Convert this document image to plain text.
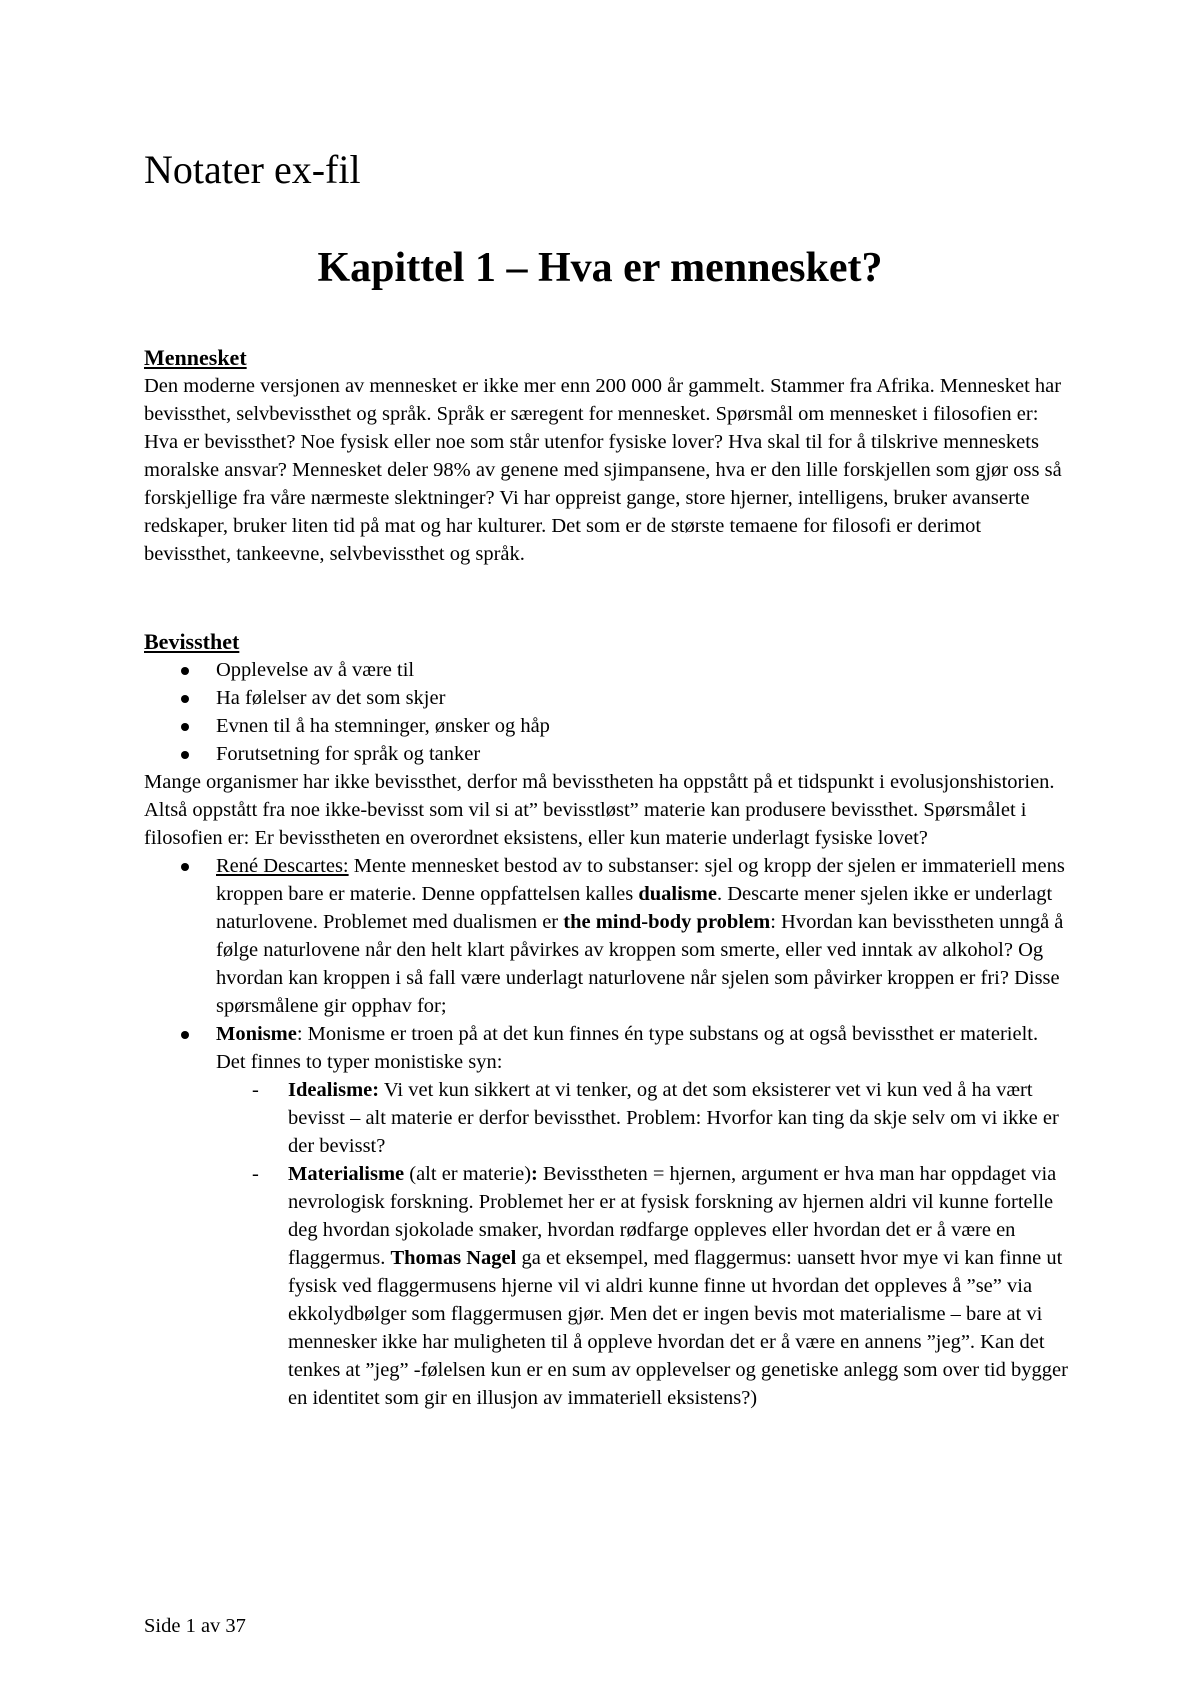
Notater ex-fil
Kapittel 1 – Hva er mennesket?
Mennesket

Den moderne versjonen av mennesket er ikke mer enn 200 000 år gammelt. Stammer fra Afrika. Mennesket har bevissthet, selvbevissthet og språk. Språk er særegent for mennesket. Spørsmål om mennesket i filosofien er: Hva er bevissthet? Noe fysisk eller noe som står utenfor fysiske lover? Hva skal til for å tilskrive menneskets moralske ansvar? Mennesket deler 98% av genene med sjimpansene, hva er den lille forskjellen som gjør oss så forskjellige fra våre nærmeste slektninger? Vi har oppreist gange, store hjerner, intelligens, bruker avanserte redskaper, bruker liten tid på mat og har kulturer. Det som er de største temaene for filosofi er derimot bevissthet, tankeevne, selvbevissthet og språk.

Bevissthet
Opplevelse av å være til
Ha følelser av det som skjer
Evnen til å ha stemninger, ønsker og håp
Forutsetning for språk og tanker

Mange organismer har ikke bevissthet, derfor må bevisstheten ha oppstått på et tidspunkt i evolusjonshistorien. Altså oppstått fra noe ikke-bevisst som vil si at” bevisstløst” materie kan produsere bevissthet. Spørsmålet i filosofien er: Er bevisstheten en overordnet eksistens, eller kun materie underlagt fysiske lovet?

René Descartes: Mente mennesket bestod av to substanser: sjel og kropp der sjelen er immateriell mens kroppen bare er materie. Denne oppfattelsen kalles dualisme. Descarte mener sjelen ikke er underlagt naturlovene. Problemet med dualismen er the mind-body problem: Hvordan kan bevisstheten unngå å følge naturlovene når den helt klart påvirkes av kroppen som smerte, eller ved inntak av alkohol? Og hvordan kan kroppen i så fall være underlagt naturlovene når sjelen som påvirker kroppen er fri? Disse spørsmålene gir opphav for;
Monisme: Monisme er troen på at det kun finnes én type substans og at også bevissthet er materielt. Det finnes to typer monistiske syn:
- Idealisme: Vi vet kun sikkert at vi tenker, og at det som eksisterer vet vi kun ved å ha vært bevisst – alt materie er derfor bevissthet. Problem: Hvorfor kan ting da skje selv om vi ikke er der bevisst?
- Materialisme (alt er materie): Bevisstheten = hjernen, argument er hva man har oppdaget via nevrologisk forskning. Problemet her er at fysisk forskning av hjernen aldri vil kunne fortelle deg hvordan sjokolade smaker, hvordan rødfarge oppleves eller hvordan det er å være en flaggermus. Thomas Nagel ga et eksempel, med flaggermus: uansett hvor mye vi kan finne ut fysisk ved flaggermusens hjerne vil vi aldri kunne finne ut hvordan det oppleves å ”se” via ekkolydbølger som flaggermusen gjør. Men det er ingen bevis mot materialisme – bare at vi mennesker ikke har muligheten til å oppleve hvordan det er å være en annens ”jeg”. Kan det tenkes at ”jeg” -følelsen kun er en sum av opplevelser og genetiske anlegg som over tid bygger en identitet som gir en illusjon av immateriell eksistens?)
Side 1 av 37
